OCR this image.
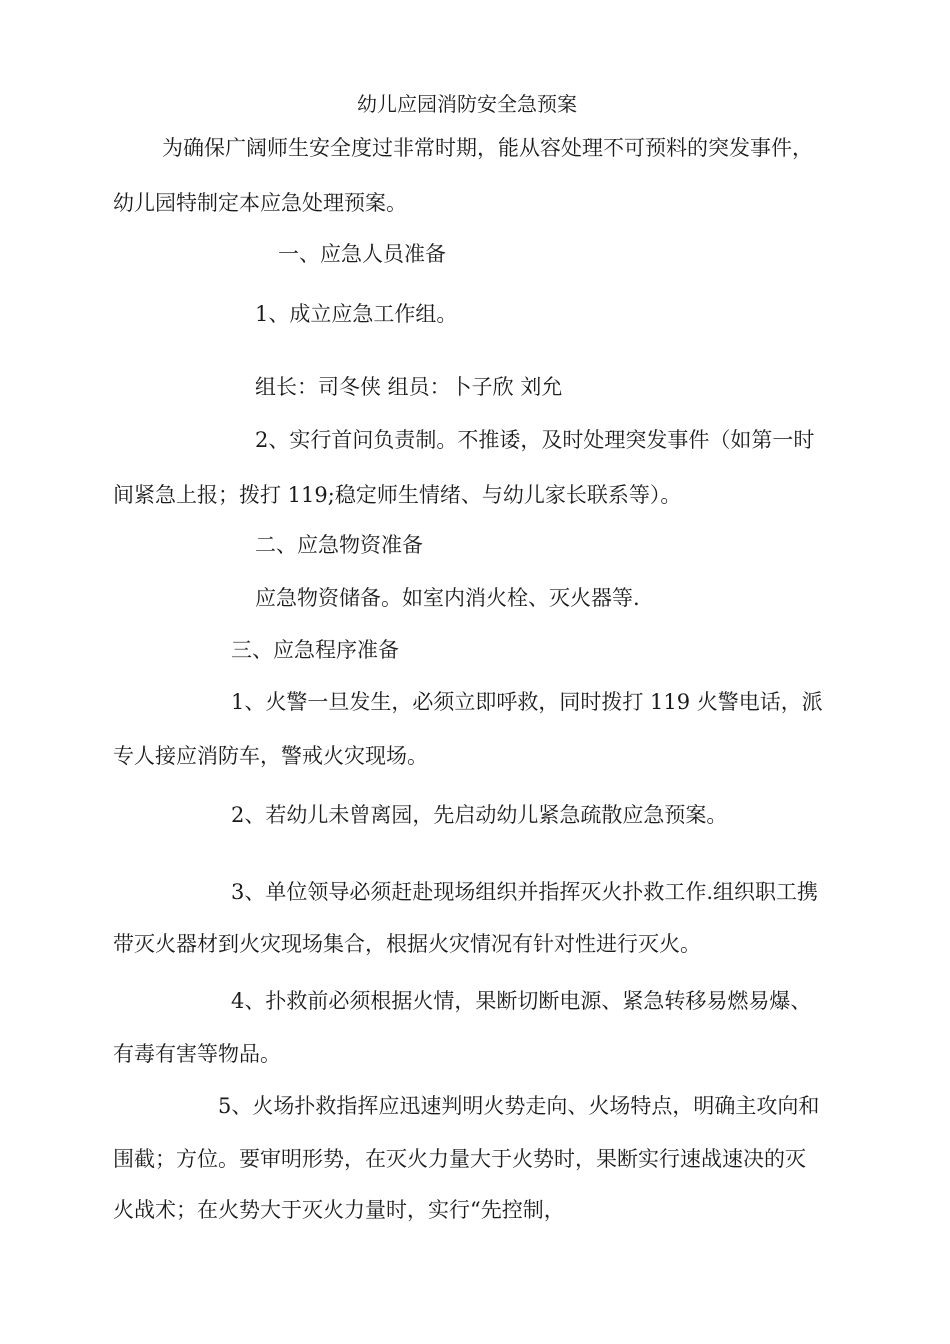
幼儿应园消防安全急预案
为确保广阔师生安全度过非常时期，能从容处理不可预料的突发事件，
幼儿园特制定本应急处理预案。
一、应急人员准备
1、成立应急工作组。
组长：司冬侠 组员：卜子欣 刘允
2、实行首问负责制。不推诿，及时处理突发事件（如第一时
间紧急上报；拨打 119;稳定师生情绪、与幼儿家长联系等）。
二、应急物资准备
应急物资储备。如室内消火栓、灭火器等.
三、应急程序准备
1、火警一旦发生，必须立即呼救，同时拨打 119 火警电话，派
专人接应消防车，警戒火灾现场。
2、若幼儿未曾离园，先启动幼儿紧急疏散应急预案。
3、单位领导必须赶赴现场组织并指挥灭火扑救工作.组织职工携
带灭火器材到火灾现场集合，根据火灾情况有针对性进行灭火。
4、扑救前必须根据火情，果断切断电源、紧急转移易燃易爆、
有毒有害等物品。
5、火场扑救指挥应迅速判明火势走向、火场特点，明确主攻向和
围截；方位。要审明形势，在灭火力量大于火势时，果断实行速战速决的灭
火战术；在火势大于灭火力量时，实行“先控制，
